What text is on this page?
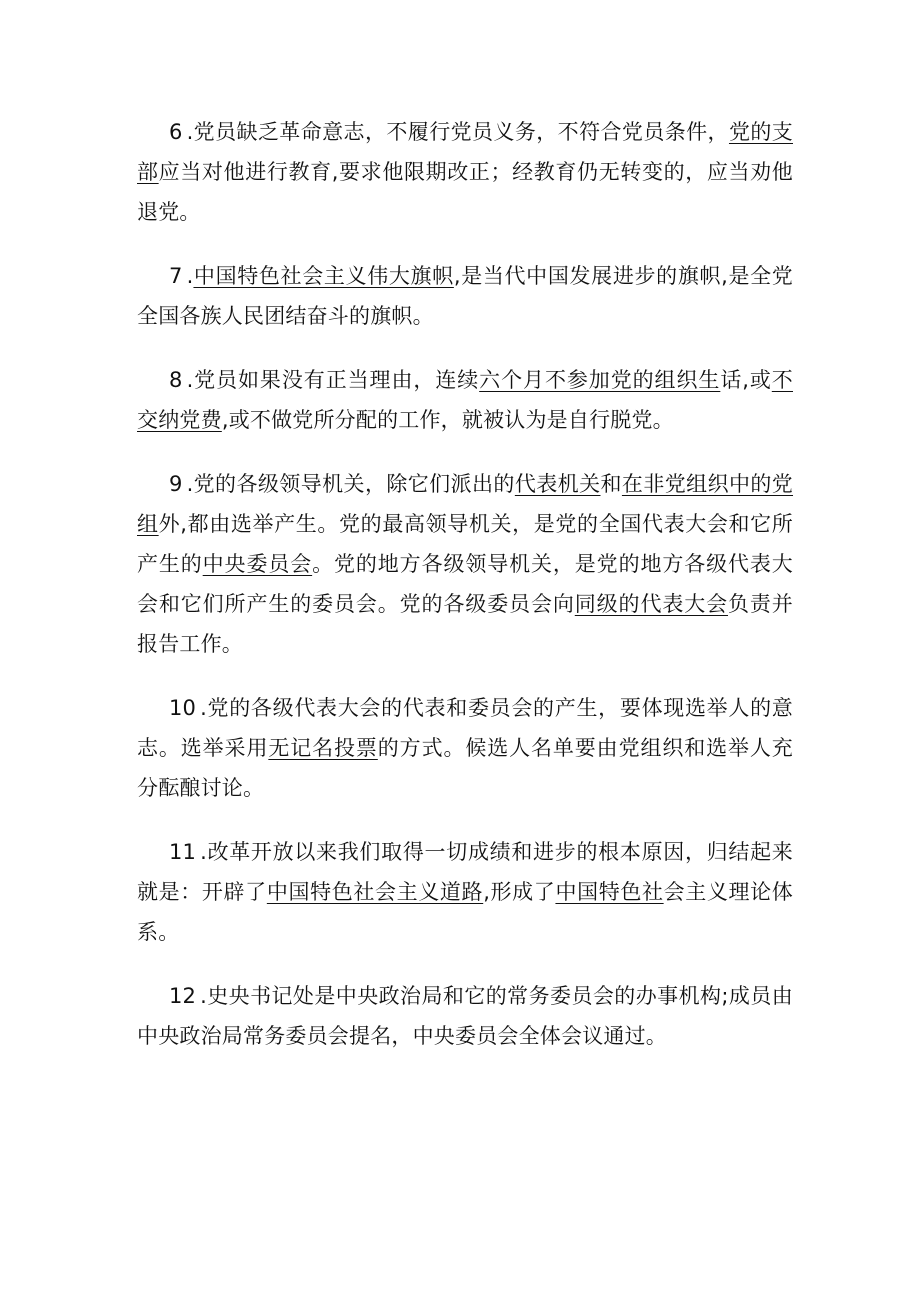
6 .党员缺乏革命意志，不履行党员义务，不符合党员条件，党的支部应当对他进行教育,要求他限期改正；经教育仍无转变的，应当劝他退党。

7 .中国特色社会主义伟大旗帜,是当代中国发展进步的旗帜,是全党全国各族人民团结奋斗的旗帜。

8 .党员如果没有正当理由，连续六个月不参加党的组织生话,或不交纳党费,或不做党所分配的工作，就被认为是自行脱党。

9 .党的各级领导机关，除它们派出的代表机关和在非党组织中的党组外,都由选举产生。党的最高领导机关，是党的全国代表大会和它所产生的中央委员会。党的地方各级领导机关，是党的地方各级代表大会和它们所产生的委员会。党的各级委员会向同级的代表大会负责并报告工作。

10 .党的各级代表大会的代表和委员会的产生，要体现选举人的意志。选举采用无记名投票的方式。候选人名单要由党组织和选举人充分酝酿讨论。

11 .改革开放以来我们取得一切成绩和进步的根本原因，归结起来就是：开辟了中国特色社会主义道路,形成了中国特色社会主义理论体系。

12 .史央书记处是中央政治局和它的常务委员会的办事机构;成员由中央政治局常务委员会提名，中央委员会全体会议通过。
